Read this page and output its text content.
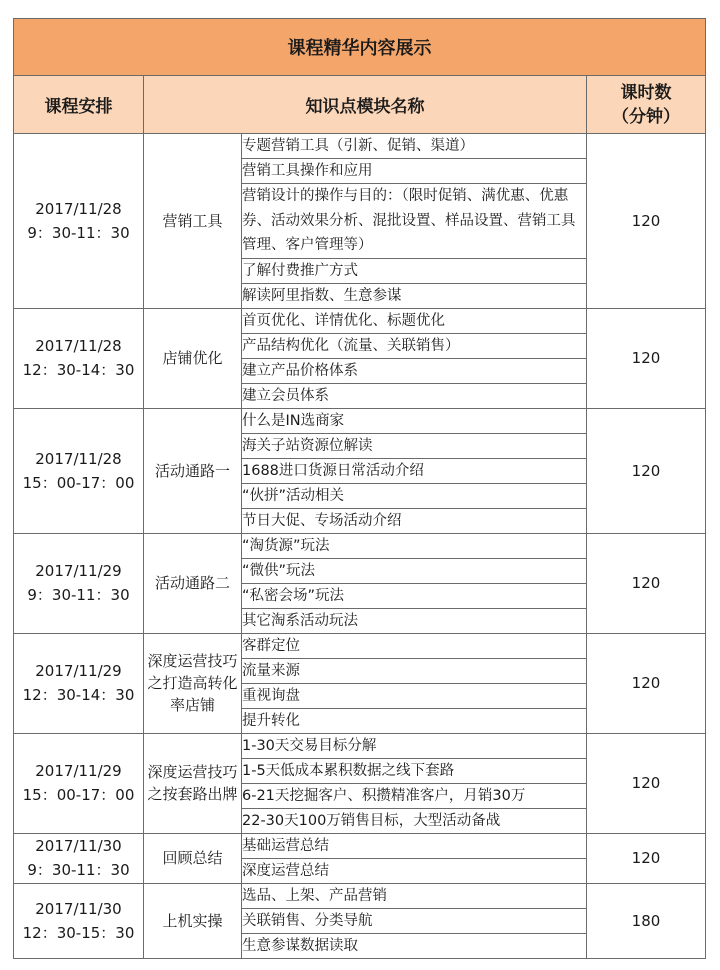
课程精华内容展示			
课程安排	知识点模块名称		课时数
（分钟）
2017/11/28
9：30-11：30	营销工具	专题营销工具（引新、促销、渠道）	120
		营销工具操作和应用	
		营销设计的操作与目的：（限时促销、满优惠、优惠券、活动效果分析、混批设置、样品设置、营销工具管理、客户管理等）	
		了解付费推广方式	
		解读阿里指数、生意参谋	
2017/11/28
12：30-14：30	店铺优化	首页优化、详情优化、标题优化	120
		产品结构优化（流量、关联销售）	
		建立产品价格体系	
		建立会员体系	
2017/11/28
15：00-17：00	活动通路一	什么是IN选商家	120
		海关子站资源位解读	
		1688进口货源日常活动介绍	
		“伙拼”活动相关	
		节日大促、专场活动介绍	
2017/11/29
9：30-11：30	活动通路二	“淘货源”玩法	120
		“微供”玩法	
		“私密会场”玩法	
		其它淘系活动玩法	
2017/11/29
12：30-14：30	深度运营技巧之打造高转化率店铺	客群定位	120
		流量来源	
		重视询盘	
		提升转化	
2017/11/29
15：00-17：00	深度运营技巧之按套路出牌	1-30天交易目标分解	120
		1-5天低成本累积数据之线下套路	
		6-21天挖掘客户、积攒精准客户，月销30万	
		22-30天100万销售目标，大型活动备战	
2017/11/30
9：30-11：30	回顾总结	基础运营总结	120
		深度运营总结	
2017/11/30
12：30-15：30	上机实操	选品、上架、产品营销	180
		关联销售、分类导航	
		生意参谋数据读取	
